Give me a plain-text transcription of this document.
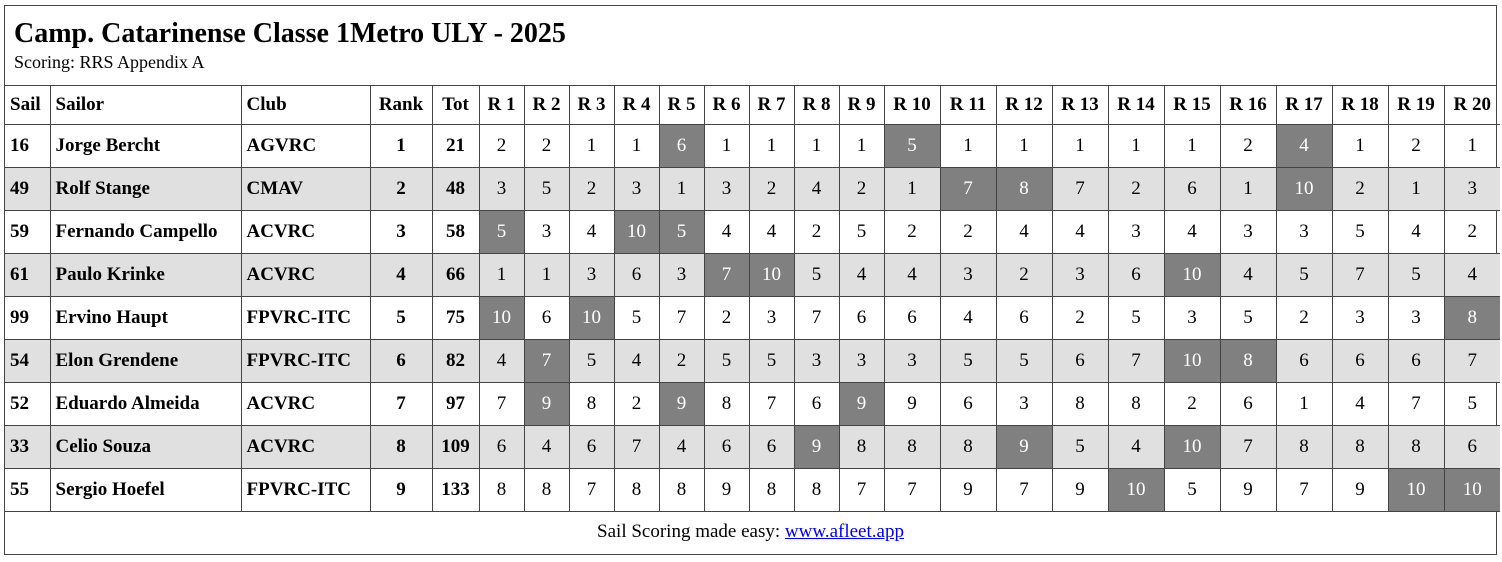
Camp. Catarinense Classe 1Metro ULY - 2025
Scoring: RRS Appendix A
Sail	Sailor	Club	Rank	Tot	R 1	R 2	R 3	R 4	R 5	R 6	R 7	R 8	R 9	R 10	R 11	R 12	R 13	R 14	R 15	R 16	R 17	R 18	R 19	R 20
16	Jorge Bercht	AGVRC	1	21	2	2	1	1	6	1	1	1	1	5	1	1	1	1	1	2	4	1	2	1
49	Rolf Stange	CMAV	2	48	3	5	2	3	1	3	2	4	2	1	7	8	7	2	6	1	10	2	1	3
59	Fernando Campello	ACVRC	3	58	5	3	4	10	5	4	4	2	5	2	2	4	4	3	4	3	3	5	4	2
61	Paulo Krinke	ACVRC	4	66	1	1	3	6	3	7	10	5	4	4	3	2	3	6	10	4	5	7	5	4
99	Ervino Haupt	FPVRC-ITC	5	75	10	6	10	5	7	2	3	7	6	6	4	6	2	5	3	5	2	3	3	8
54	Elon Grendene	FPVRC-ITC	6	82	4	7	5	4	2	5	5	3	3	3	5	5	6	7	10	8	6	6	6	7
52	Eduardo Almeida	ACVRC	7	97	7	9	8	2	9	8	7	6	9	9	6	3	8	8	2	6	1	4	7	5
33	Celio Souza	ACVRC	8	109	6	4	6	7	4	6	6	9	8	8	8	9	5	4	10	7	8	8	8	6
55	Sergio Hoefel	FPVRC-ITC	9	133	8	8	7	8	8	9	8	8	7	7	9	7	9	10	5	9	7	9	10	10
Sail Scoring made easy: www.afleet.app
